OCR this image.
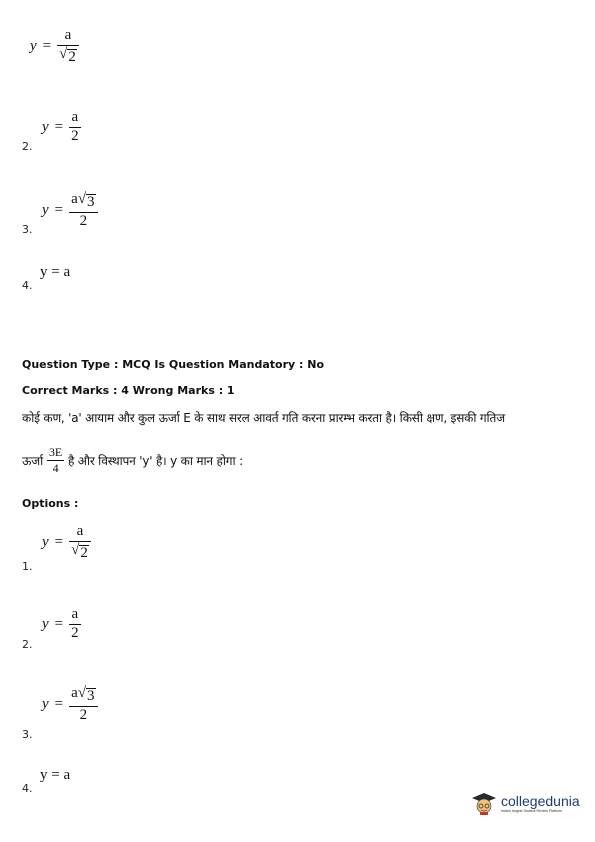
$y = \frac{a}{√ 2}$
2.
$y = \frac{a}{2}$
3.
$y = \frac{a √ 3}{2}$
4.
y = a
Question Type : MCQ Is Question Mandatory : No
Correct Marks : 4 Wrong Marks : 1
कोई कण, 'a' आयाम और कुल ऊर्जा E के साथ सरल आवर्त गति करना प्रारम्भ करता है। किसी क्षण, इसकी गतिज
ऊर्जा $\frac{3E}{4}$ है और विस्थापन 'y' है। y का मान होगा :
Options :
1.
$y = \frac{a}{√ 2}$
2.
$y = \frac{a}{2}$
3.
$y = \frac{a √ 3}{2}$
4.
y = a
collegedunia
India's largest Student Review Platform
